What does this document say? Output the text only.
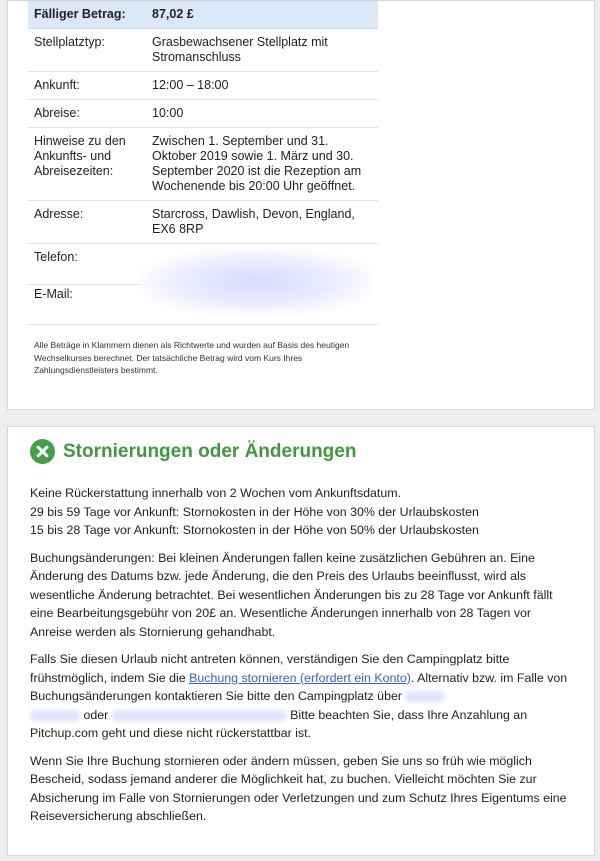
Fälliger Betrag:	87,02 £
Stellplatztyp:	Grasbewachsener Stellplatz mit Stromanschluss
Ankunft:	12:00 – 18:00
Abreise:	10:00
Hinweise zu den Ankunfts- und Abreisezeiten:	Zwischen 1. September und 31. Oktober 2019 sowie 1. März und 30. September 2020 ist die Rezeption am Wochenende bis 20:00 Uhr geöffnet.
Adresse:	Starcross, Dawlish, Devon, England, EX6 8RP
Telefon:	
E-Mail:	
Alle Beträge in Klammern dienen als Richtwerte und wurden auf Basis des heutigen Wechselkurses berechnet. Der tatsächliche Betrag wird vom Kurs Ihres Zahlungsdienstleisters bestimmt.
Stornierungen oder Änderungen

Keine Rückerstattung innerhalb von 2 Wochen vom Ankunftsdatum.
29 bis 59 Tage vor Ankunft: Stornokosten in der Höhe von 30% der Urlaubskosten
15 bis 28 Tage vor Ankunft: Stornokosten in der Höhe von 50% der Urlaubskosten

Buchungsänderungen: Bei kleinen Änderungen fallen keine zusätzlichen Gebühren an. Eine Änderung des Datums bzw. jede Änderung, die den Preis des Urlaubs beeinflusst, wird als wesentliche Änderung betrachtet. Bei wesentlichen Änderungen bis zu 28 Tage vor Ankunft fällt eine Bearbeitungsgebühr von 20£ an. Wesentliche Änderungen innerhalb von 28 Tagen vor Anreise werden als Stornierung gehandhabt.

Falls Sie diesen Urlaub nicht antreten können, verständigen Sie den Campingplatz bitte frühstmöglich, indem Sie die Buchung stornieren (erfordert ein Konto). Alternativ bzw. im Falle von Buchungsänderungen kontaktieren Sie bitte den Campingplatz über
oder	Bitte beachten Sie, dass Ihre Anzahlung an Pitchup.com geht und diese nicht rückerstattbar ist.

Wenn Sie Ihre Buchung stornieren oder ändern müssen, geben Sie uns so früh wie möglich Bescheid, sodass jemand anderer die Möglichkeit hat, zu buchen. Vielleicht möchten Sie zur Absicherung im Falle von Stornierungen oder Verletzungen und zum Schutz Ihres Eigentums eine Reiseversicherung abschließen.
